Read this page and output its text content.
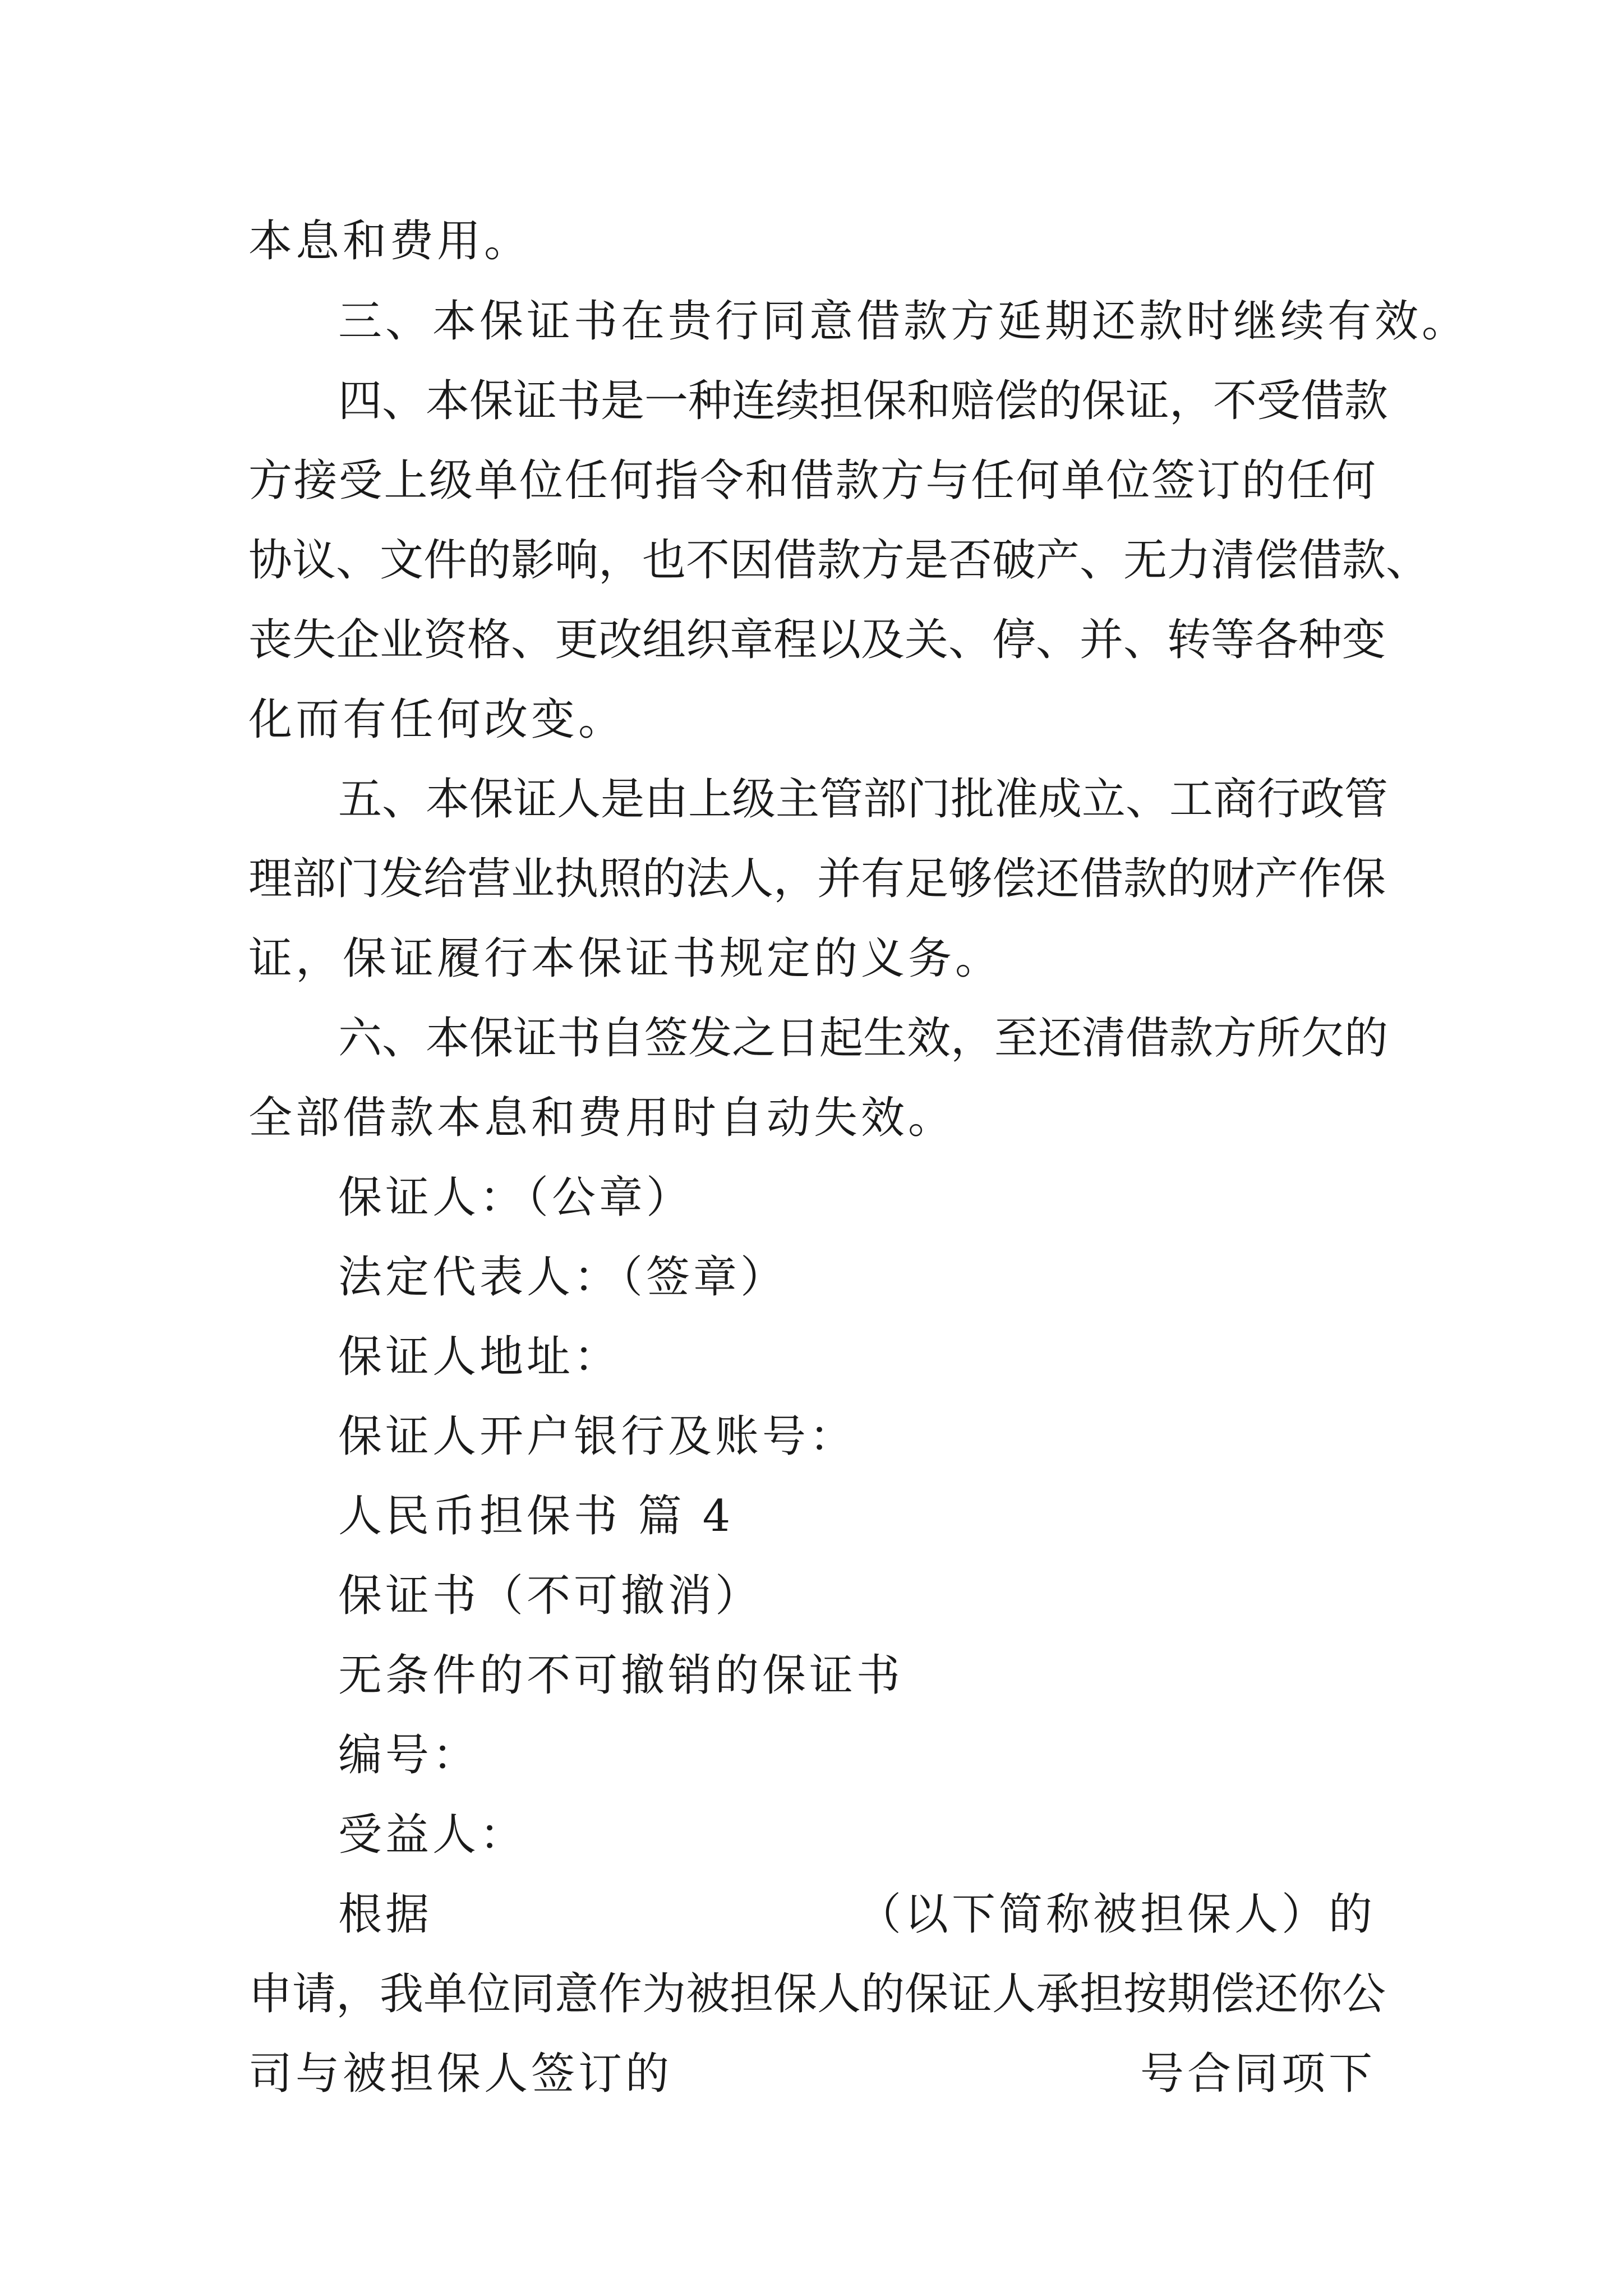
本息和费用。
三、本保证书在贵行同意借款方延期还款时继续有效。
四、本保证书是一种连续担保和赔偿的保证，不受借款
方接受上级单位任何指令和借款方与任何单位签订的任何
协议、文件的影响，也不因借款方是否破产、无力清偿借款、
丧失企业资格、更改组织章程以及关、停、并、转等各种变
化而有任何改变。
五、本保证人是由上级主管部门批准成立、工商行政管
理部门发给营业执照的法人，并有足够偿还借款的财产作保
证，保证履行本保证书规定的义务。
六、本保证书自签发之日起生效，至还清借款方所欠的
全部借款本息和费用时自动失效。
保证人：（公章）
法定代表人：（签章）
保证人地址：
保证人开户银行及账号：
人民币担保书 篇 4
保证书（不可撤消）
无条件的不可撤销的保证书
编号：
受益人：
根据	（以下简称被担保人）的
申请，我单位同意作为被担保人的保证人承担按期偿还你公
司与被担保人签订的	号合同项下
